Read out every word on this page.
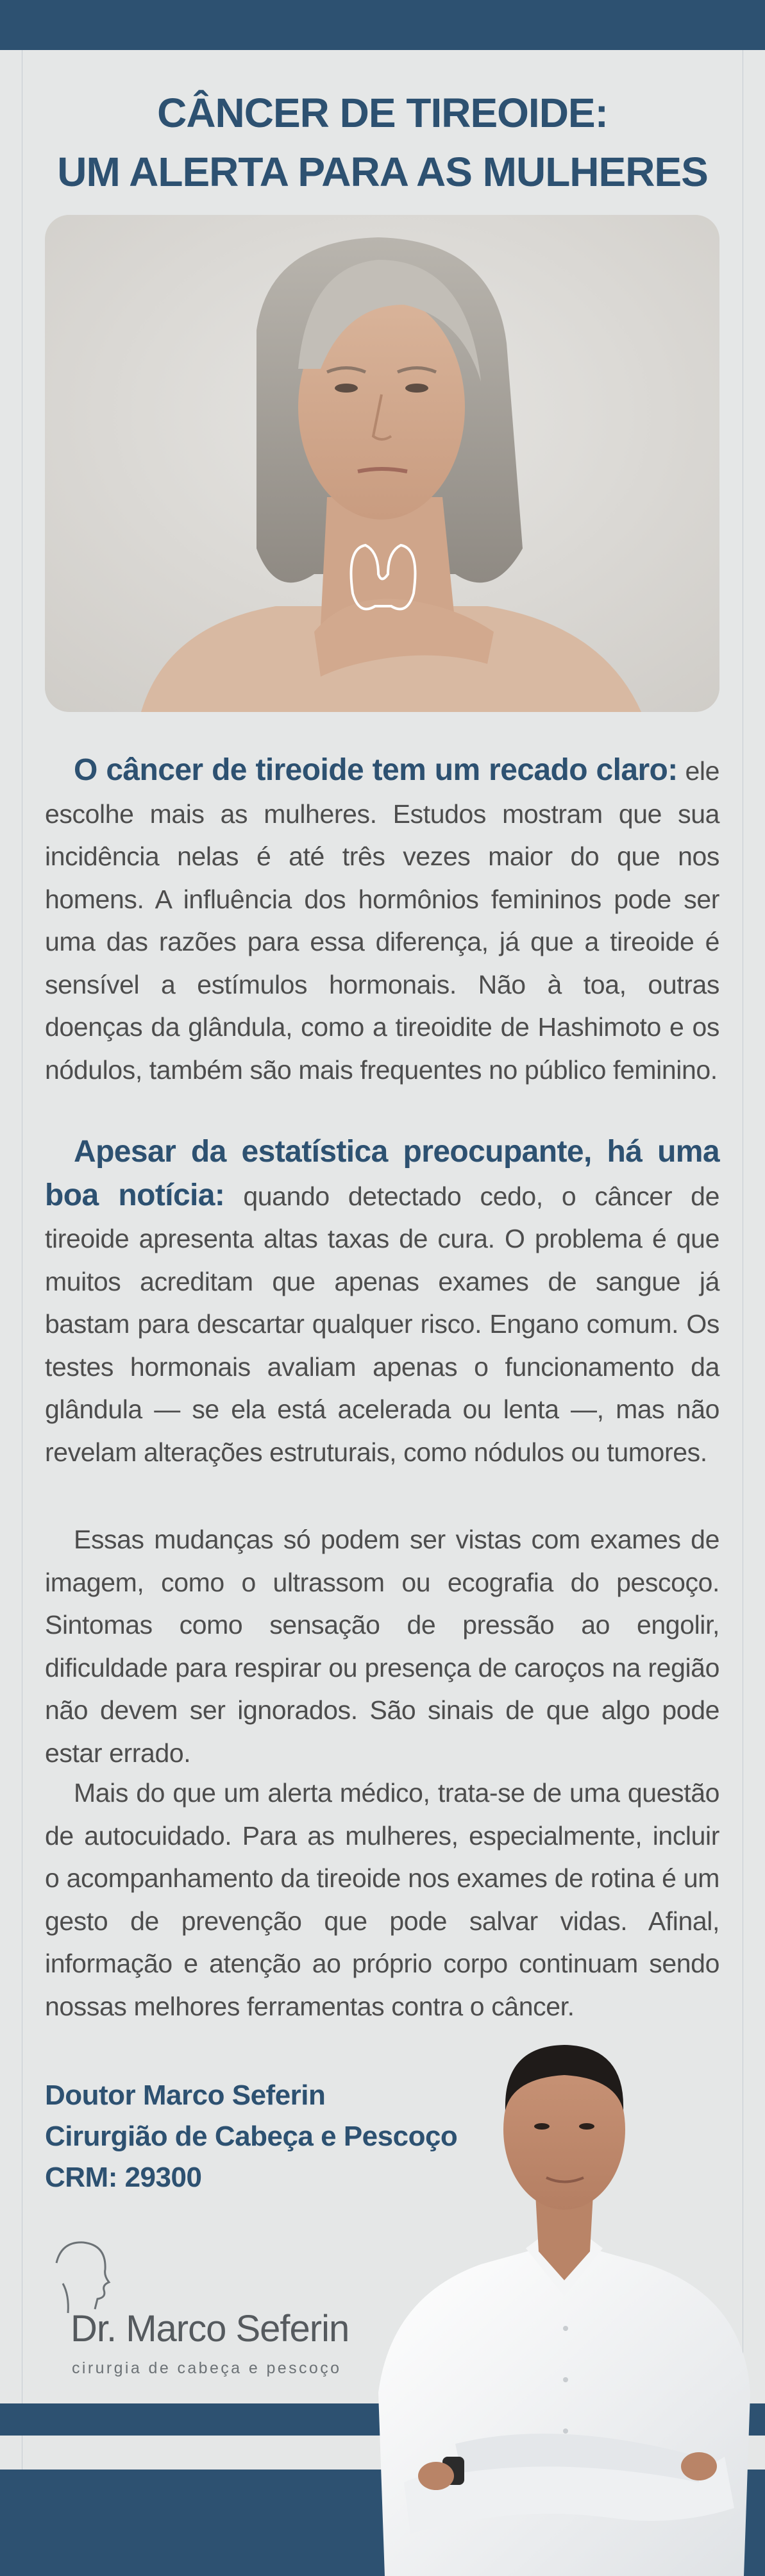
CÂNCER DE TIREOIDE:
UM ALERTA PARA AS MULHERES
O câncer de tireoide tem um recado claro: ele escolhe mais as mulheres. Estudos mostram que sua incidência nelas é até três vezes maior do que nos homens. A influência dos hormônios femininos pode ser uma das razões para essa diferença, já que a tireoide é sensível a estímulos hormonais. Não à toa, outras doenças da glândula, como a tireoidite de Hashimoto e os nódulos, também são mais frequentes no público feminino.
Apesar da estatística preocupante, há uma boa notícia: quando detectado cedo, o câncer de tireoide apresenta altas taxas de cura. O problema é que muitos acreditam que apenas exames de sangue já bastam para descartar qualquer risco. Engano comum. Os testes hormonais avaliam apenas o funcionamento da glândula — se ela está acelerada ou lenta —, mas não revelam alterações estruturais, como nódulos ou tumores.
Essas mudanças só podem ser vistas com exames de imagem, como o ultrassom ou ecografia do pescoço. Sintomas como sensação de pressão ao engolir, dificuldade para respirar ou presença de caroços na região não devem ser ignorados. São sinais de que algo pode estar errado.
Mais do que um alerta médico, trata-se de uma questão de autocuidado. Para as mulheres, especialmente, incluir o acompanhamento da tireoide nos exames de rotina é um gesto de prevenção que pode salvar vidas. Afinal, informação e atenção ao próprio corpo continuam sendo nossas melhores ferramentas contra o câncer.
Doutor Marco Seferin
Cirurgião de Cabeça e Pescoço
CRM: 29300
Dr. Marco Seferin
cirurgia de cabeça e pescoço
